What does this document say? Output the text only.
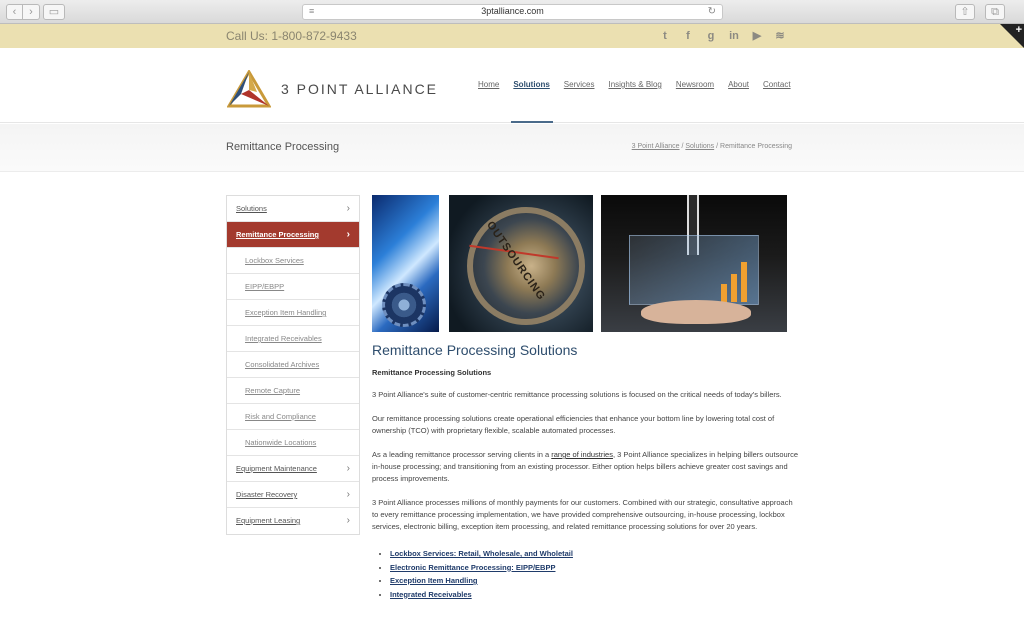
‹	›	▭	≡	3ptalliance.com	↻	⇧	⧉
Call Us: 1-800-872-9433	t	f	g	in ▶ ≋	+
3 POINT ALLIANCE	Home Solutions Services Insights & Blog Newsroom About Contact
Remittance Processing	3 Point Alliance / Solutions / Remittance Processing
Solutions	›
Remittance Processing	›
Lockbox Services
EIPP/EBPP
Exception Item Handling
Integrated Receivables
Consolidated Archives
Remote Capture
Risk and Compliance
Nationwide Locations
Equipment Maintenance	›
Disaster Recovery	›
Equipment Leasing	›
OUTSOURCING
Remittance Processing Solutions
Remittance Processing Solutions

3 Point Alliance's suite of customer-centric remittance processing solutions is focused on the critical needs of today's billers.

Our remittance processing solutions create operational efficiencies that enhance your bottom line by lowering total cost of ownership (TCO) with proprietary flexible, scalable automated processes.

As a leading remittance processor serving clients in a range of industries, 3 Point Alliance specializes in helping billers outsource in-house processing; and transitioning from an existing processor. Either option helps billers achieve greater cost savings and process improvements.

3 Point Alliance processes millions of monthly payments for our customers. Combined with our strategic, consultative approach to every remittance processing implementation, we have provided comprehensive outsourcing, in-house processing, lockbox services, electronic billing, exception item processing, and related remittance processing solutions for over 20 years.

• Lockbox Services: Retail, Wholesale, and Wholetail
• Electronic Remittance Processing: EIPP/EBPP
• Exception Item Handling
• Integrated Receivables
